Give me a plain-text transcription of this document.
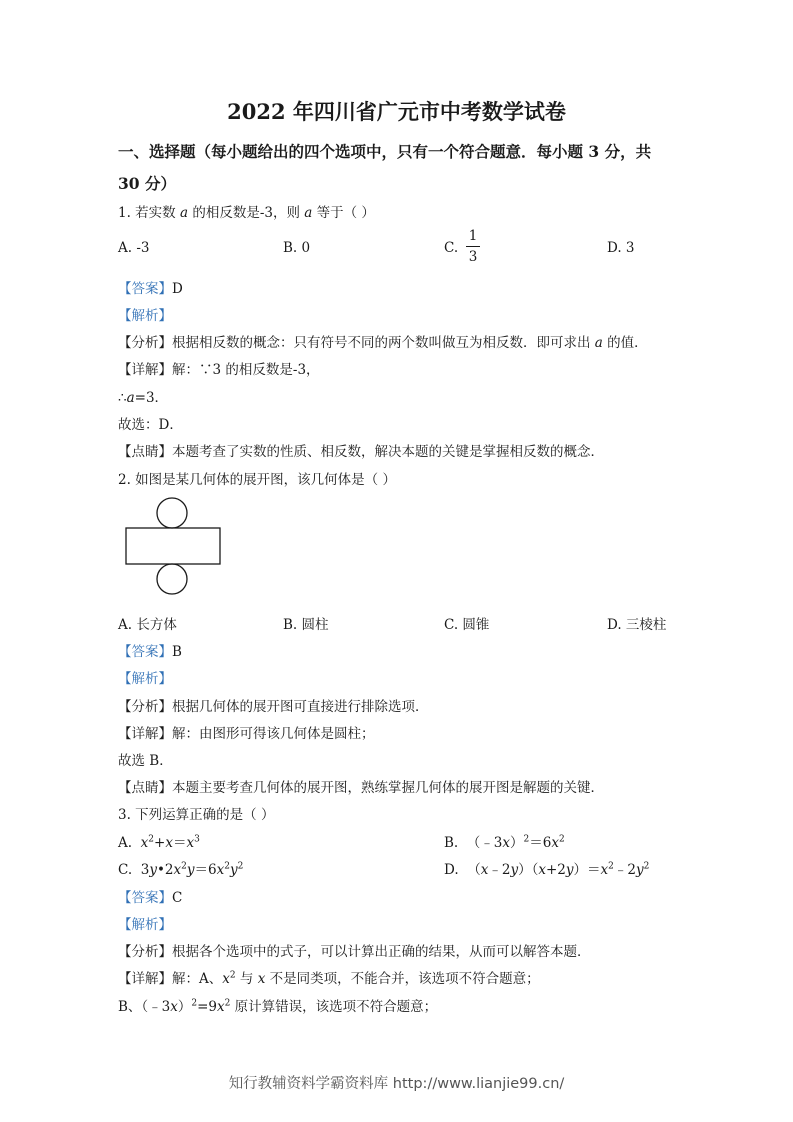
2022 年四川省广元市中考数学试卷
一、选择题（每小题给出的四个选项中，只有一个符合题意．每小题 3 分，共
30 分）
1. 若实数 a 的相反数是-3，则 a 等于（ ）
A. -3	B. 0	C.
1
3
D. 3
【答案】D
【解析】
【分析】根据相反数的概念：只有符号不同的两个数叫做互为相反数．即可求出 a 的值．
【详解】解：∵3 的相反数是-3，
∴a=3．
故选：D．
【点睛】本题考查了实数的性质、相反数，解决本题的关键是掌握相反数的概念．
2. 如图是某几何体的展开图，该几何体是（ ）
A. 长方体	B. 圆柱	C. 圆锥	D. 三棱柱
【答案】B
【解析】
【分析】根据几何体的展开图可直接进行排除选项．
【详解】解：由图形可得该几何体是圆柱；
故选 B．
【点睛】本题主要考查几何体的展开图，熟练掌握几何体的展开图是解题的关键．
3. 下列运算正确的是（ ）
A. $x^2+x=x^3$	B.  $(﹣3x)^2=6x^2$
C.  $3y•2x^2y=6x^2y^2$	D.  $(x﹣2y)(x+2y)=x^2﹣2y^2$
【答案】C
【解析】
【分析】根据各个选项中的式子，可以计算出正确的结果，从而可以解答本题．
【详解】解：A、$x^2$ 与 x 不是同类项，不能合并，该选项不符合题意；
B、$(﹣3x)^2=9x^2$ 原计算错误，该选项不符合题意；
知行教辅资料学霸资料库 http://www.lianjie99.cn/
